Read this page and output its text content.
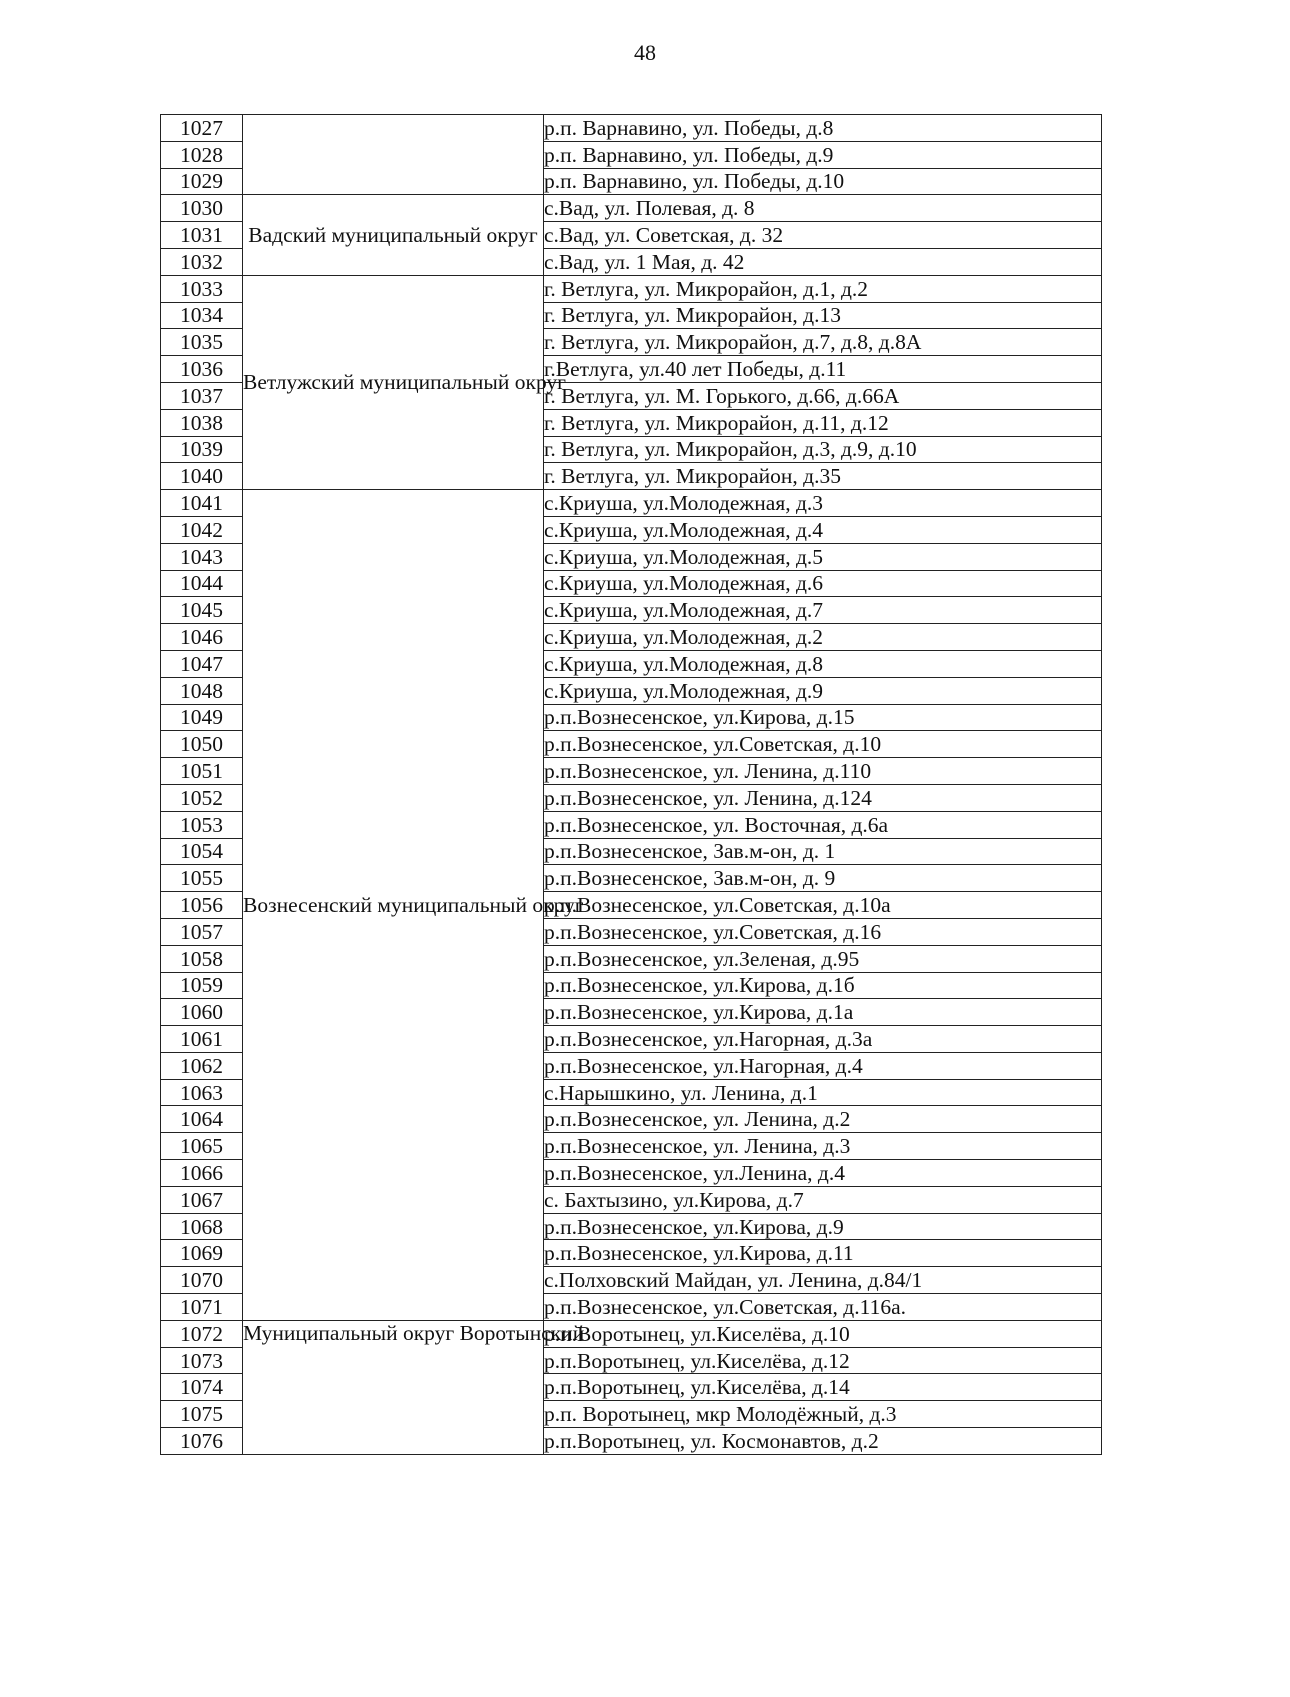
48
1027		р.п. Варнавино, ул. Победы, д.8
1028		р.п. Варнавино, ул. Победы, д.9
1029		р.п. Варнавино, ул. Победы, д.10
1030	Вадский муниципальный округ	с.Вад, ул. Полевая, д. 8
1031		с.Вад, ул. Советская, д. 32
1032		с.Вад, ул. 1 Мая, д. 42
1033	Ветлужский муниципальный округ	г. Ветлуга, ул. Микрорайон, д.1, д.2
1034		г. Ветлуга, ул. Микрорайон, д.13
1035		г. Ветлуга, ул. Микрорайон, д.7, д.8, д.8А
1036		г.Ветлуга, ул.40 лет Победы, д.11
1037		г. Ветлуга, ул. М. Горького, д.66, д.66А
1038		г. Ветлуга, ул. Микрорайон, д.11, д.12
1039		г. Ветлуга, ул. Микрорайон, д.3, д.9, д.10
1040		г. Ветлуга, ул. Микрорайон, д.35
1041	Вознесенский муниципальный округ	с.Криуша, ул.Молодежная, д.3
1042		с.Криуша, ул.Молодежная, д.4
1043		с.Криуша, ул.Молодежная, д.5
1044		с.Криуша, ул.Молодежная, д.6
1045		с.Криуша, ул.Молодежная, д.7
1046		с.Криуша, ул.Молодежная, д.2
1047		с.Криуша, ул.Молодежная, д.8
1048		с.Криуша, ул.Молодежная, д.9
1049		р.п.Вознесенское, ул.Кирова, д.15
1050		р.п.Вознесенское, ул.Советская, д.10
1051		р.п.Вознесенское, ул. Ленина, д.110
1052		р.п.Вознесенское, ул. Ленина, д.124
1053		р.п.Вознесенское, ул. Восточная, д.6а
1054		р.п.Вознесенское, Зав.м-он, д. 1
1055		р.п.Вознесенское, Зав.м-он, д. 9
1056		р.п.Вознесенское, ул.Советская, д.10а
1057		р.п.Вознесенское, ул.Советская, д.16
1058		р.п.Вознесенское, ул.Зеленая, д.95
1059		р.п.Вознесенское, ул.Кирова, д.1б
1060		р.п.Вознесенское, ул.Кирова, д.1а
1061		р.п.Вознесенское, ул.Нагорная, д.3а
1062		р.п.Вознесенское, ул.Нагорная, д.4
1063		с.Нарышкино, ул. Ленина, д.1
1064		р.п.Вознесенское, ул. Ленина, д.2
1065		р.п.Вознесенское, ул. Ленина, д.3
1066		р.п.Вознесенское, ул.Ленина, д.4
1067		с. Бахтызино, ул.Кирова, д.7
1068		р.п.Вознесенское, ул.Кирова, д.9
1069		р.п.Вознесенское, ул.Кирова, д.11
1070		с.Полховский Майдан, ул. Ленина, д.84/1
1071		р.п.Вознесенское, ул.Советская, д.116а.
1072	Муниципальный округ Воротынский	р.п.Воротынец, ул.Киселёва, д.10
1073		р.п.Воротынец, ул.Киселёва, д.12
1074		р.п.Воротынец, ул.Киселёва, д.14
1075		р.п. Воротынец, мкр Молодёжный, д.3
1076		р.п.Воротынец, ул. Космонавтов, д.2
